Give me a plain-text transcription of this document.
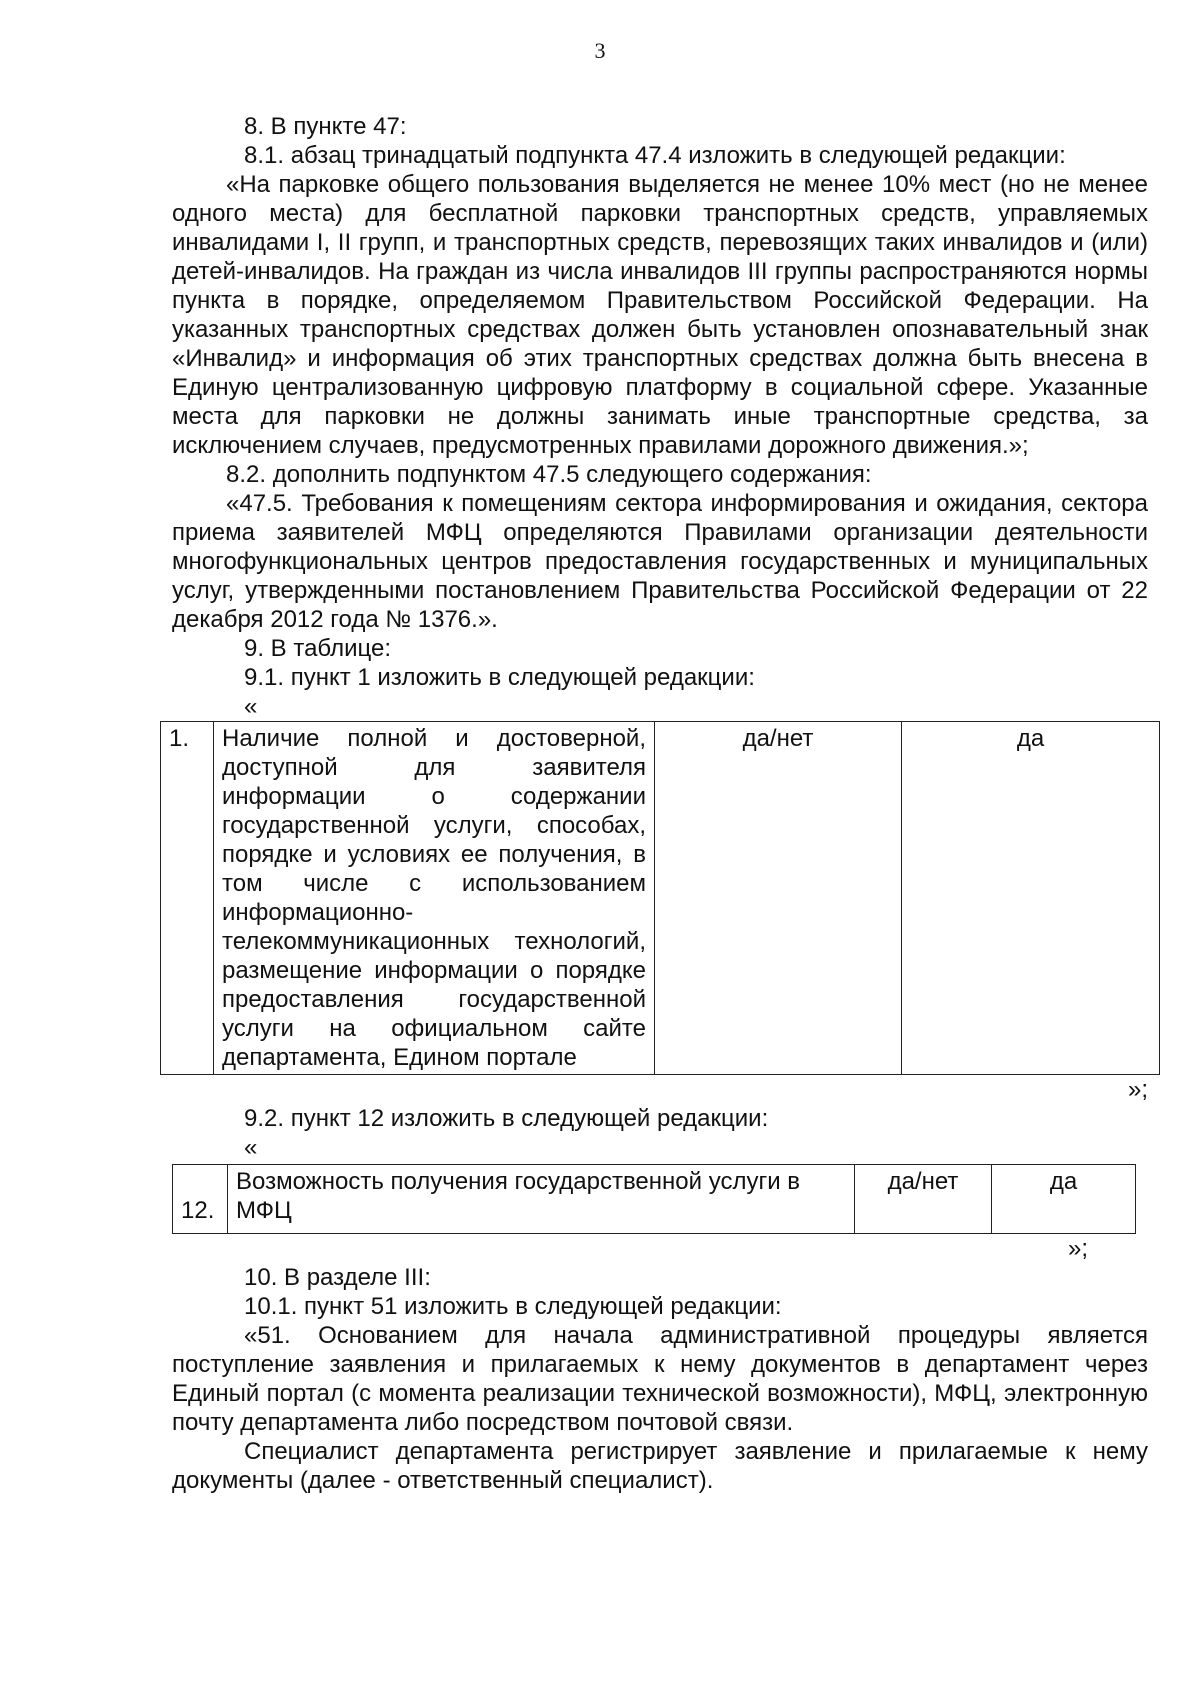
3

8. В пункте 47:

8.1. абзац тринадцатый подпункта 47.4 изложить в следующей редакции:

«На парковке общего пользования выделяется не менее 10% мест (но не менее одного места) для бесплатной парковки транспортных средств, управляемых инвалидами I, II групп, и транспортных средств, перевозящих таких инвалидов и (или) детей-инвалидов. На граждан из числа инвалидов III группы распространяются нормы пункта в порядке, определяемом Правительством Российской Федерации. На указанных транспортных средствах должен быть установлен опознавательный знак «Инвалид» и информация об этих транспортных средствах должна быть внесена в Единую централизованную цифровую платформу в социальной сфере. Указанные места для парковки не должны занимать иные транспортные средства, за исключением случаев, предусмотренных правилами дорожного движения.»;

8.2. дополнить подпунктом 47.5 следующего содержания:

«47.5. Требования к помещениям сектора информирования и ожидания, сектора приема заявителей МФЦ определяются Правилами организации деятельности многофункциональных центров предоставления государственных и муниципальных услуг, утвержденными постановлением Правительства Российской Федерации от 22 декабря 2012 года № 1376.».

9. В таблице:

9.1. пункт 1 изложить в следующей редакции:

«

1.	Наличие полной и достоверной, доступной для заявителя информации о содержании государственной услуги, способах, порядке и условиях ее получения, в том числе с использованием информационно-телекоммуникационных технологий, размещение информации о порядке предоставления государственной услуги на официальном сайте департамента, Едином портале	да/нет	да

»;

9.2. пункт 12 изложить в следующей редакции:

«

12.	Возможность получения государственной услуги в МФЦ	да/нет	да

»;

10. В разделе III:

10.1. пункт 51 изложить в следующей редакции:

«51. Основанием для начала административной процедуры является поступление заявления и прилагаемых к нему документов в департамент через Единый портал (с момента реализации технической возможности), МФЦ, электронную почту департамента либо посредством почтовой связи.

Специалист департамента регистрирует заявление и прилагаемые к нему документы (далее - ответственный специалист).
